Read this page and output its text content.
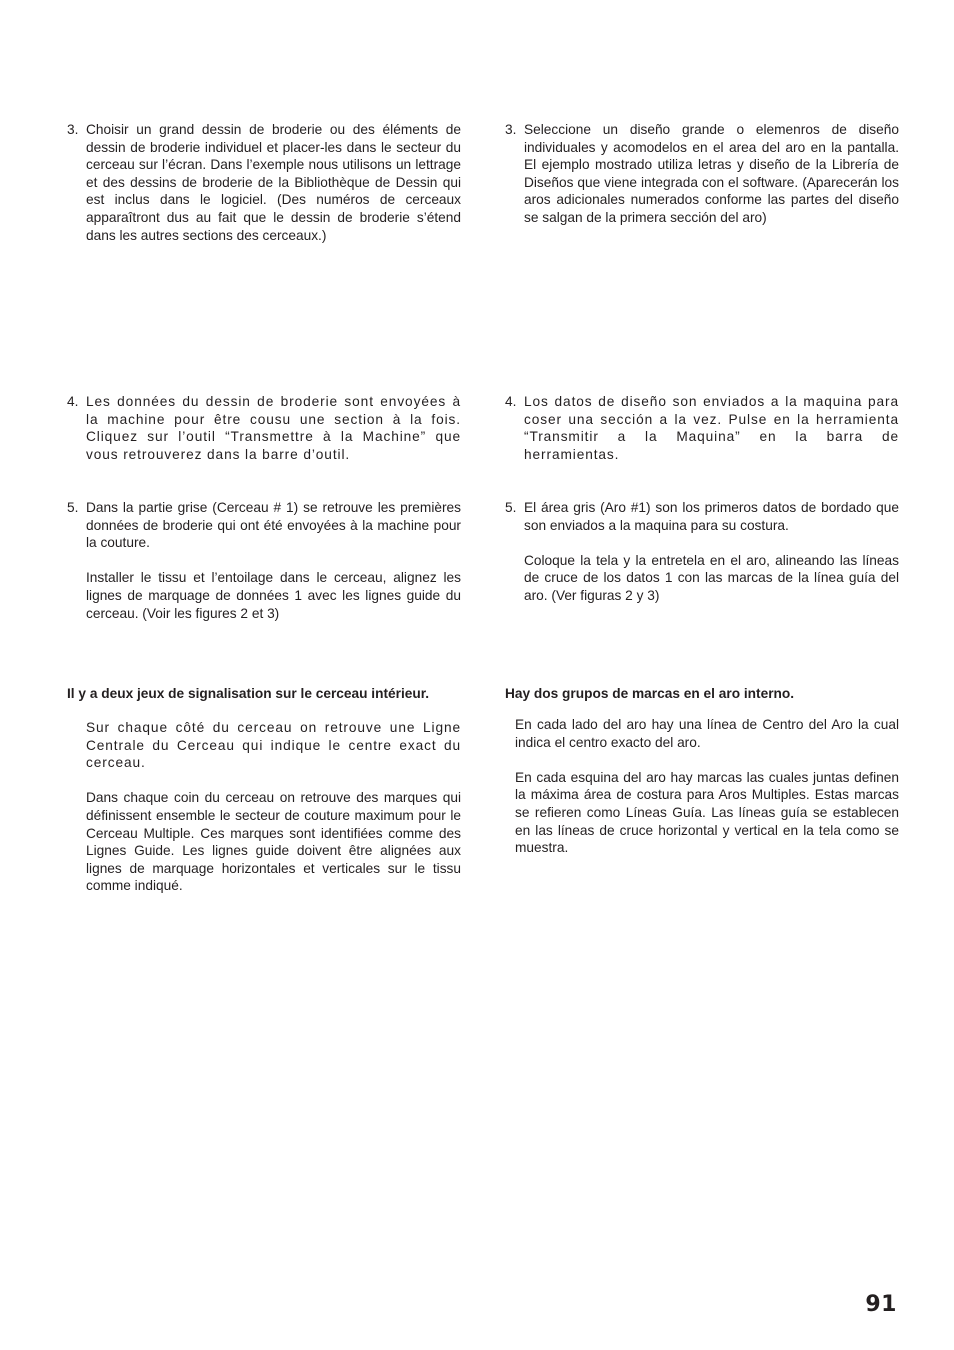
3. Choisir un grand dessin de broderie ou des éléments de dessin de broderie individuel et placer-les dans le secteur du cerceau sur l’écran. Dans l’exemple nous utilisons un lettrage et des dessins de broderie de la Bibliothèque de Dessin qui est inclus dans le logiciel. (Des numéros de cerceaux apparaîtront dus au fait que le dessin de broderie s’étend dans les autres sections des cerceaux.)

4. Les données du dessin de broderie sont envoyées à la machine pour être cousu une section à la fois. Cliquez sur l’outil “Transmettre à la Machine” que vous retrouverez dans la barre d’outil.

5. Dans la partie grise (Cerceau # 1) se retrouve les premières données de broderie qui ont été envoyées à la machine pour la couture.

Installer le tissu et l’entoilage dans le cerceau, alignez les lignes de marquage de données 1 avec les lignes guide du cerceau. (Voir les figures 2 et 3)

Il y a deux jeux de signalisation sur le cerceau intérieur.

Sur chaque côté du cerceau on retrouve une Ligne Centrale du Cerceau qui indique le centre exact du cerceau.

Dans chaque coin du cerceau on retrouve des marques qui définissent ensemble le secteur de couture maximum pour le Cerceau Multiple. Ces marques sont identifiées comme des Lignes Guide. Les lignes guide doivent être alignées aux lignes de marquage horizontales et verticales sur le tissu comme indiqué.

3. Seleccione un diseño grande o elemenros de diseño individuales y acomodelos en el area del aro en la pantalla. El ejemplo mostrado utiliza letras y diseño de la Librería de Diseños que viene integrada con el software. (Aparecerán los aros adicionales numerados conforme las partes del diseño se salgan de la primera sección del aro)

4. Los datos de diseño son enviados a la maquina para coser una sección a la vez. Pulse en la herramienta “Transmitir a la Maquina” en la barra de herramientas.

5. El área gris (Aro #1) son los primeros datos de bordado que son enviados a la maquina para su costura.

Coloque la tela y la entretela en el aro, alineando las líneas de cruce de los datos 1 con las marcas de la línea guía del aro. (Ver figuras 2 y 3)

Hay dos grupos de marcas en el aro interno.

En cada lado del aro hay una línea de Centro del Aro la cual indica el centro exacto del aro.

En cada esquina del aro hay marcas las cuales juntas definen la máxima área de costura para Aros Multiples. Estas marcas se refieren como Líneas Guía. Las líneas guía se establecen en las líneas de cruce horizontal y vertical en la tela como se muestra.

91
